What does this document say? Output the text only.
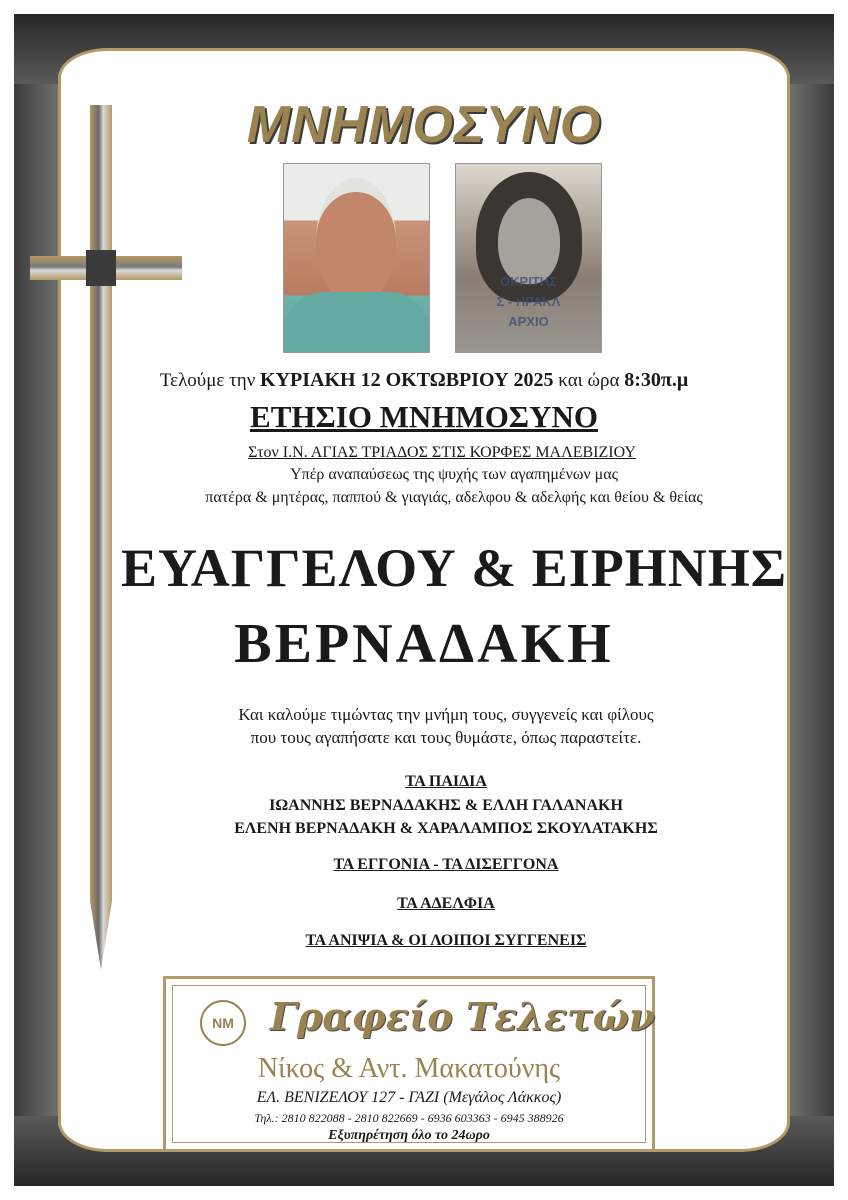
ΜΝΗΜΟΣΥΝΟ
ΟΚΡΙΤΗΣ
Σ - ΗΡΑΚΛ
ΑΡΧΙΟ
Τελούμε την ΚΥΡΙΑΚΗ 12 ΟΚΤΩΒΡΙΟΥ 2025 και ώρα 8:30π.μ
ΕΤΗΣΙΟ ΜΝΗΜΟΣΥΝΟ
Στον Ι.Ν. ΑΓΙΑΣ ΤΡΙΑΔΟΣ ΣΤΙΣ ΚΟΡΦΕΣ ΜΑΛΕΒΙΖΙΟΥ
Υπέρ αναπαύσεως της ψυχής των αγαπημένων μας
πατέρα & μητέρας, παππού & γιαγιάς, αδελφου & αδελφής και θείου & θείας
ΕΥΑΓΓΕΛΟΥ & ΕΙΡΗΝΗΣ
ΒΕΡΝΑΔΑΚΗ
Και καλούμε τιμώντας την μνήμη τους, συγγενείς και φίλους
που τους αγαπήσατε και τους θυμάστε, όπως παραστείτε.
ΤΑ ΠΑΙΔΙΑ
ΙΩΑΝΝΗΣ ΒΕΡΝΑΔΑΚΗΣ & ΕΛΛΗ ΓΑΛΑΝΑΚΗ
ΕΛΕΝΗ ΒΕΡΝΑΔΑΚΗ & ΧΑΡΑΛΑΜΠΟΣ ΣΚΟΥΛΑΤΑΚΗΣ
ΤΑ ΕΓΓΟΝΙΑ - ΤΑ ΔΙΣΕΓΓΟΝΑ
ΤΑ ΑΔΕΛΦΙΑ
ΤΑ ΑΝΙΨΙΑ & ΟΙ ΛΟΙΠΟΙ ΣΥΓΓΕΝΕΙΣ
ΝΜ Γραφείο Τελετών
Νίκος & Αντ. Μακατούνης
ΕΛ. ΒΕΝΙΖΕΛΟΥ 127 - ΓΑΖΙ (Μεγάλος Λάκκος)
Τηλ.: 2810 822088 - 2810 822669 - 6936 603363 - 6945 388926
Εξυπηρέτηση όλο το 24ωρο
